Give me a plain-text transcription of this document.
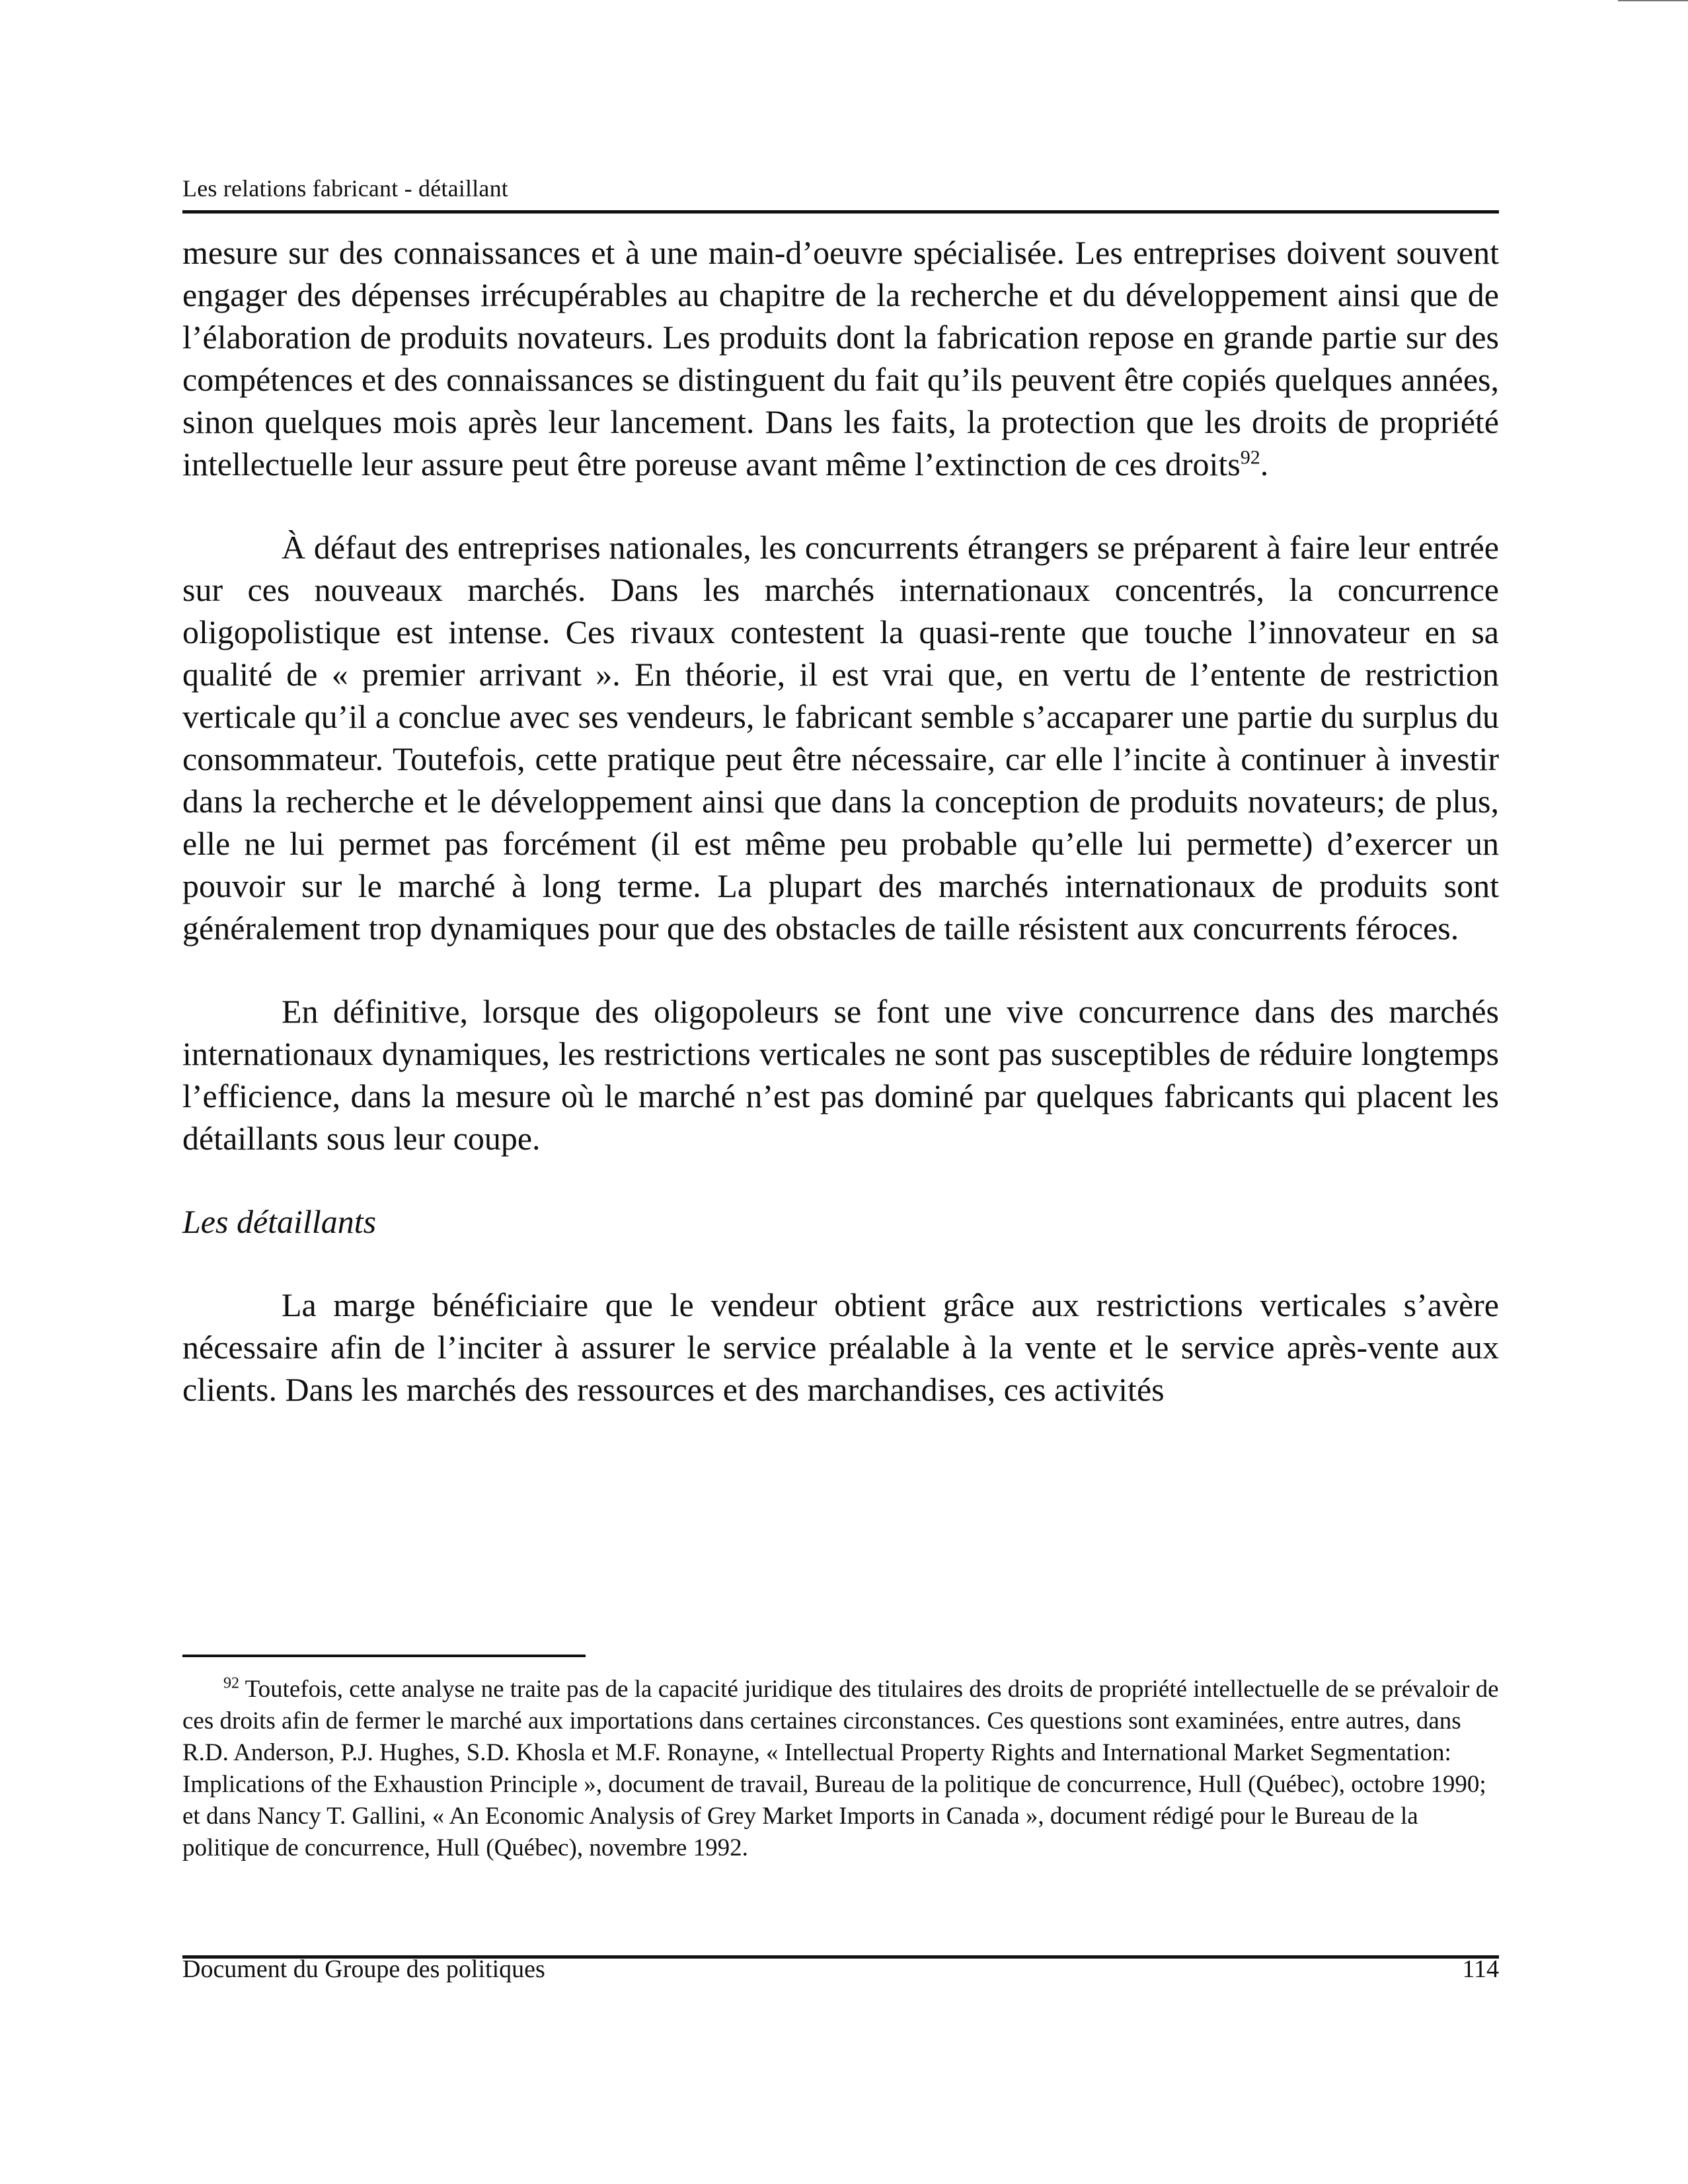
Les relations fabricant - détaillant

mesure sur des connaissances et à une main-d’oeuvre spécialisée. Les entreprises doivent souvent engager des dépenses irrécupérables au chapitre de la recherche et du développement ainsi que de l’élaboration de produits novateurs. Les produits dont la fabrication repose en grande partie sur des compétences et des connaissances se distinguent du fait qu’ils peuvent être copiés quelques années, sinon quelques mois après leur lancement. Dans les faits, la protection que les droits de propriété intellectuelle leur assure peut être poreuse avant même l’extinction de ces droits$^{92}$.

À défaut des entreprises nationales, les concurrents étrangers se préparent à faire leur entrée sur ces nouveaux marchés. Dans les marchés internationaux concentrés, la concurrence oligopolistique est intense. Ces rivaux contestent la quasi-rente que touche l’innovateur en sa qualité de « premier arrivant ». En théorie, il est vrai que, en vertu de l’entente de restriction verticale qu’il a conclue avec ses vendeurs, le fabricant semble s’accaparer une partie du surplus du consommateur. Toutefois, cette pratique peut être nécessaire, car elle l’incite à continuer à investir dans la recherche et le développement ainsi que dans la conception de produits novateurs; de plus, elle ne lui permet pas forcément (il est même peu probable qu’elle lui permette) d’exercer un pouvoir sur le marché à long terme. La plupart des marchés internationaux de produits sont généralement trop dynamiques pour que des obstacles de taille résistent aux concurrents féroces.

En définitive, lorsque des oligopoleurs se font une vive concurrence dans des marchés internationaux dynamiques, les restrictions verticales ne sont pas susceptibles de réduire longtemps l’efficience, dans la mesure où le marché n’est pas dominé par quelques fabricants qui placent les détaillants sous leur coupe.

Les détaillants

La marge bénéficiaire que le vendeur obtient grâce aux restrictions verticales s’avère nécessaire afin de l’inciter à assurer le service préalable à la vente et le service après-vente aux clients. Dans les marchés des ressources et des marchandises, ces activités

$^{92}$ Toutefois, cette analyse ne traite pas de la capacité juridique des titulaires des droits de propriété intellectuelle de se prévaloir de ces droits afin de fermer le marché aux importations dans certaines circonstances. Ces questions sont examinées, entre autres, dans R.D. Anderson, P.J. Hughes, S.D. Khosla et M.F. Ronayne, « Intellectual Property Rights and International Market Segmentation: Implications of the Exhaustion Principle », document de travail, Bureau de la politique de concurrence, Hull (Québec), octobre 1990; et dans Nancy T. Gallini, « An Economic Analysis of Grey Market Imports in Canada », document rédigé pour le Bureau de la politique de concurrence, Hull (Québec), novembre 1992.

Document du Groupe des politiques	114
